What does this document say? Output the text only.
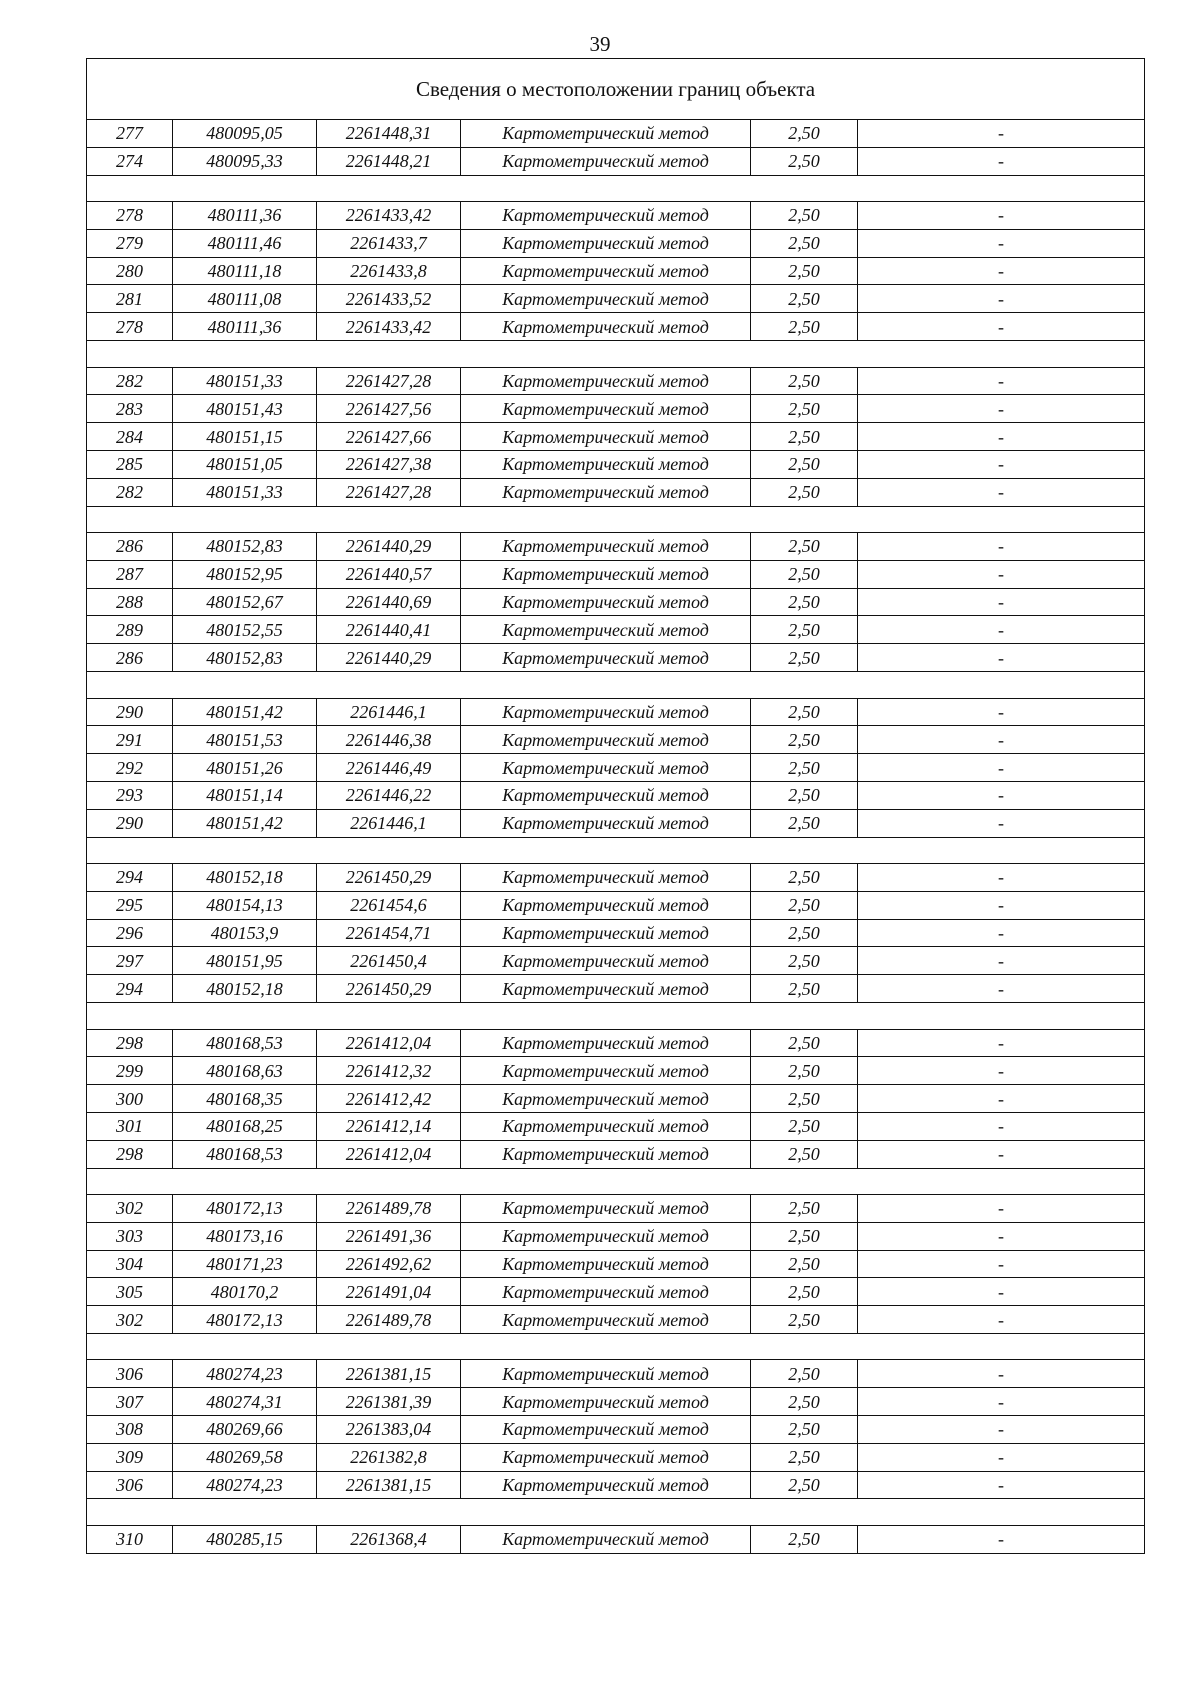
39
Сведения о местоположении границ объекта					
277	480095,05	2261448,31	Картометрический метод	2,50	-
274	480095,33	2261448,21	Картометрический метод	2,50	-

278	480111,36	2261433,42	Картометрический метод	2,50	-
279	480111,46	2261433,7	Картометрический метод	2,50	-
280	480111,18	2261433,8	Картометрический метод	2,50	-
281	480111,08	2261433,52	Картометрический метод	2,50	-
278	480111,36	2261433,42	Картометрический метод	2,50	-

282	480151,33	2261427,28	Картометрический метод	2,50	-
283	480151,43	2261427,56	Картометрический метод	2,50	-
284	480151,15	2261427,66	Картометрический метод	2,50	-
285	480151,05	2261427,38	Картометрический метод	2,50	-
282	480151,33	2261427,28	Картометрический метод	2,50	-

286	480152,83	2261440,29	Картометрический метод	2,50	-
287	480152,95	2261440,57	Картометрический метод	2,50	-
288	480152,67	2261440,69	Картометрический метод	2,50	-
289	480152,55	2261440,41	Картометрический метод	2,50	-
286	480152,83	2261440,29	Картометрический метод	2,50	-

290	480151,42	2261446,1	Картометрический метод	2,50	-
291	480151,53	2261446,38	Картометрический метод	2,50	-
292	480151,26	2261446,49	Картометрический метод	2,50	-
293	480151,14	2261446,22	Картометрический метод	2,50	-
290	480151,42	2261446,1	Картометрический метод	2,50	-

294	480152,18	2261450,29	Картометрический метод	2,50	-
295	480154,13	2261454,6	Картометрический метод	2,50	-
296	480153,9	2261454,71	Картометрический метод	2,50	-
297	480151,95	2261450,4	Картометрический метод	2,50	-
294	480152,18	2261450,29	Картометрический метод	2,50	-

298	480168,53	2261412,04	Картометрический метод	2,50	-
299	480168,63	2261412,32	Картометрический метод	2,50	-
300	480168,35	2261412,42	Картометрический метод	2,50	-
301	480168,25	2261412,14	Картометрический метод	2,50	-
298	480168,53	2261412,04	Картометрический метод	2,50	-

302	480172,13	2261489,78	Картометрический метод	2,50	-
303	480173,16	2261491,36	Картометрический метод	2,50	-
304	480171,23	2261492,62	Картометрический метод	2,50	-
305	480170,2	2261491,04	Картометрический метод	2,50	-
302	480172,13	2261489,78	Картометрический метод	2,50	-

306	480274,23	2261381,15	Картометрический метод	2,50	-
307	480274,31	2261381,39	Картометрический метод	2,50	-
308	480269,66	2261383,04	Картометрический метод	2,50	-
309	480269,58	2261382,8	Картометрический метод	2,50	-
306	480274,23	2261381,15	Картометрический метод	2,50	-

310	480285,15	2261368,4	Картометрический метод	2,50	-
